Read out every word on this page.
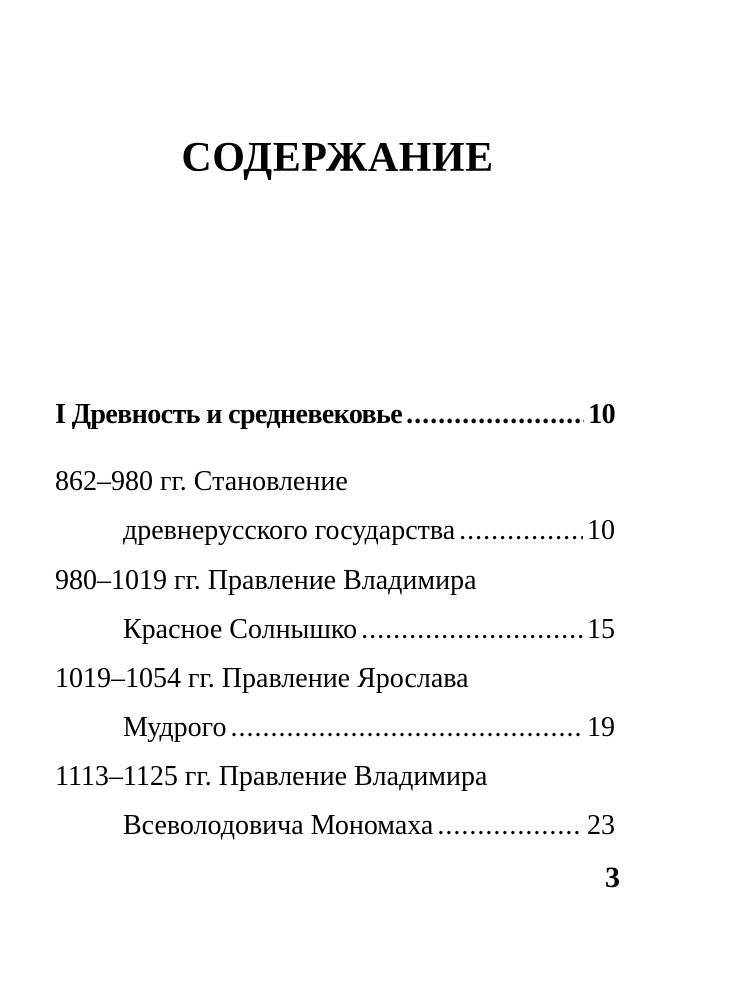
СОДЕРЖАНИЕ
I Древность и средневековье . . .	10
862–980 гг. Становление
древнерусского государства . . .	10
980–1019 гг. Правление Владимира
Красное Солнышко . . .	15
1019–1054 гг. Правление Ярослава
Мудрого . . .	19
1113–1125 гг. Правление Владимира
Всеволодовича Мономаха . . .	23
3
